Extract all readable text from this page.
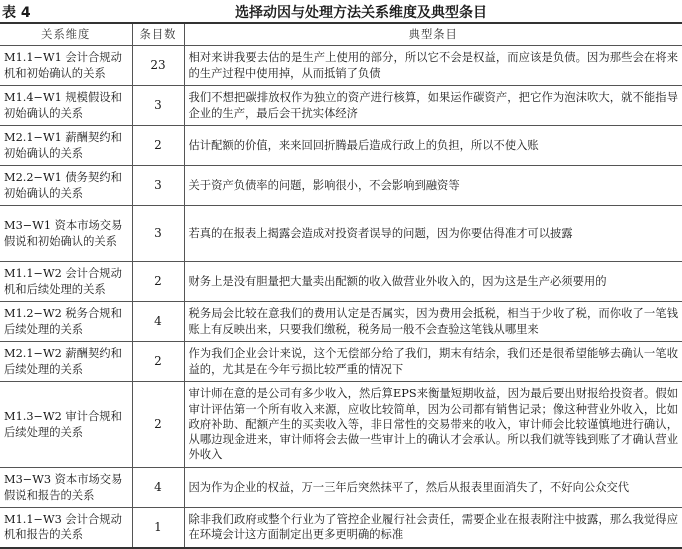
表 4	选择动因与处理方法关系维度及典型条目
关系维度	条目数	典型条目
M1.1−W1 会计合规动机和初始确认的关系	23	相对来讲我要去估的是生产上使用的部分，所以它不会是权益，而应该是负债。因为那些会在将来的生产过程中使用掉，从而抵销了负债
M1.4−W1 规模假设和初始确认的关系	3	我们不想把碳排放权作为独立的资产进行核算，如果运作碳资产，把它作为泡沫吹大，就不能指导企业的生产，最后会干扰实体经济
M2.1−W1 薪酬契约和初始确认的关系	2	估计配额的价值，来来回回折腾最后造成行政上的负担，所以不使入账
M2.2−W1 债务契约和初始确认的关系	3	关于资产负债率的问题，影响很小，不会影响到融资等
M3−W1 资本市场交易假说和初始确认的关系	3	若真的在报表上揭露会造成对投资者误导的问题，因为你要估得准才可以披露
M1.1−W2 会计合规动机和后续处理的关系	2	财务上是没有胆量把大量卖出配额的收入做营业外收入的，因为这是生产必须要用的
M1.2−W2 税务合规和后续处理的关系	4	税务局会比较在意我们的费用认定是否属实，因为费用会抵税，相当于少收了税，而你收了一笔钱账上有反映出来，只要我们缴税，税务局一般不会查验这笔钱从哪里来
M2.1−W2 薪酬契约和后续处理的关系	2	作为我们企业会计来说，这个无偿部分给了我们，期末有结余，我们还是很希望能够去确认一笔收益的，尤其是在今年亏损比较严重的情况下
M1.3−W2 审计合规和后续处理的关系	2	审计师在意的是公司有多少收入，然后算EPS来衡量短期收益，因为最后要出财报给投资者。假如审计评估第一个所有收入来源，应收比较简单，因为公司都有销售记录；像这种营业外收入，比如政府补助、配额产生的买卖收入等，非日常性的交易带来的收入，审计师会比较谨慎地进行确认，从哪边现金进来，审计师将会去做一些审计上的确认才会承认。所以我们就等钱到账了才确认营业外收入
M3−W3 资本市场交易假说和报告的关系	4	因为作为企业的权益，万一三年后突然抹平了，然后从报表里面消失了，不好向公众交代
M1.1−W3 会计合规动机和报告的关系	1	除非我们政府或整个行业为了管控企业履行社会责任，需要企业在报表附注中披露，那么我觉得应在环境会计这方面制定出更多更明确的标准
